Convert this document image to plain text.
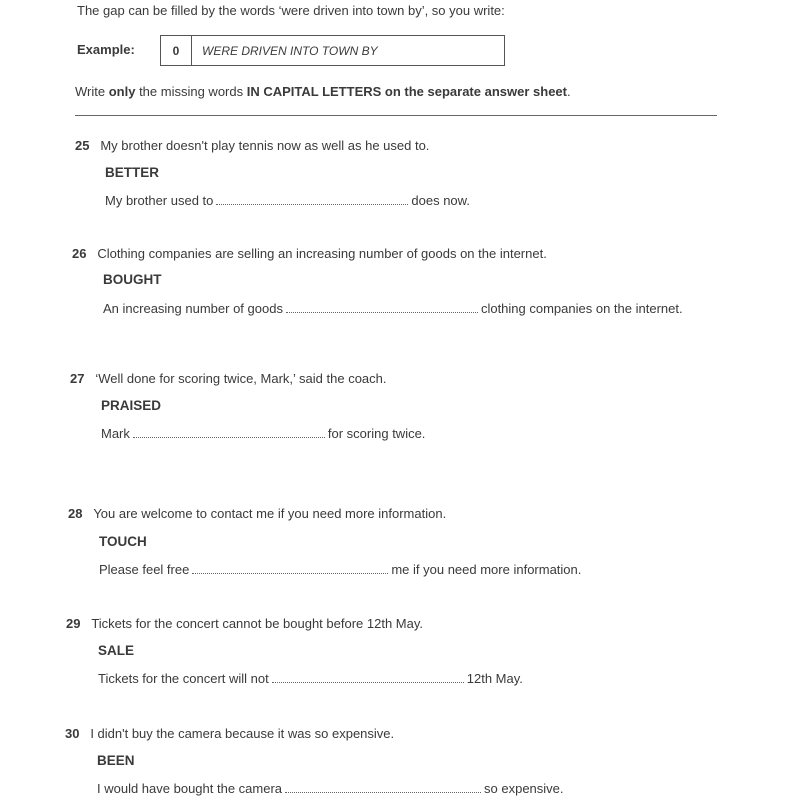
The gap can be filled by the words ‘were driven into town by’, so you write:
Example:	0	WERE DRIVEN INTO TOWN BY
Write only the missing words IN CAPITAL LETTERS on the separate answer sheet.
25 My brother doesn't play tennis now as well as he used to.
BETTER
My brother used to	does now.
26 Clothing companies are selling an increasing number of goods on the internet.
BOUGHT
An increasing number of goods	clothing companies on the internet.
27 ‘Well done for scoring twice, Mark,’ said the coach.
PRAISED
Mark	for scoring twice.
28 You are welcome to contact me if you need more information.
TOUCH
Please feel free	me if you need more information.
29 Tickets for the concert cannot be bought before 12th May.
SALE
Tickets for the concert will not	12th May.
30 I didn't buy the camera because it was so expensive.
BEEN
I would have bought the camera	so expensive.
